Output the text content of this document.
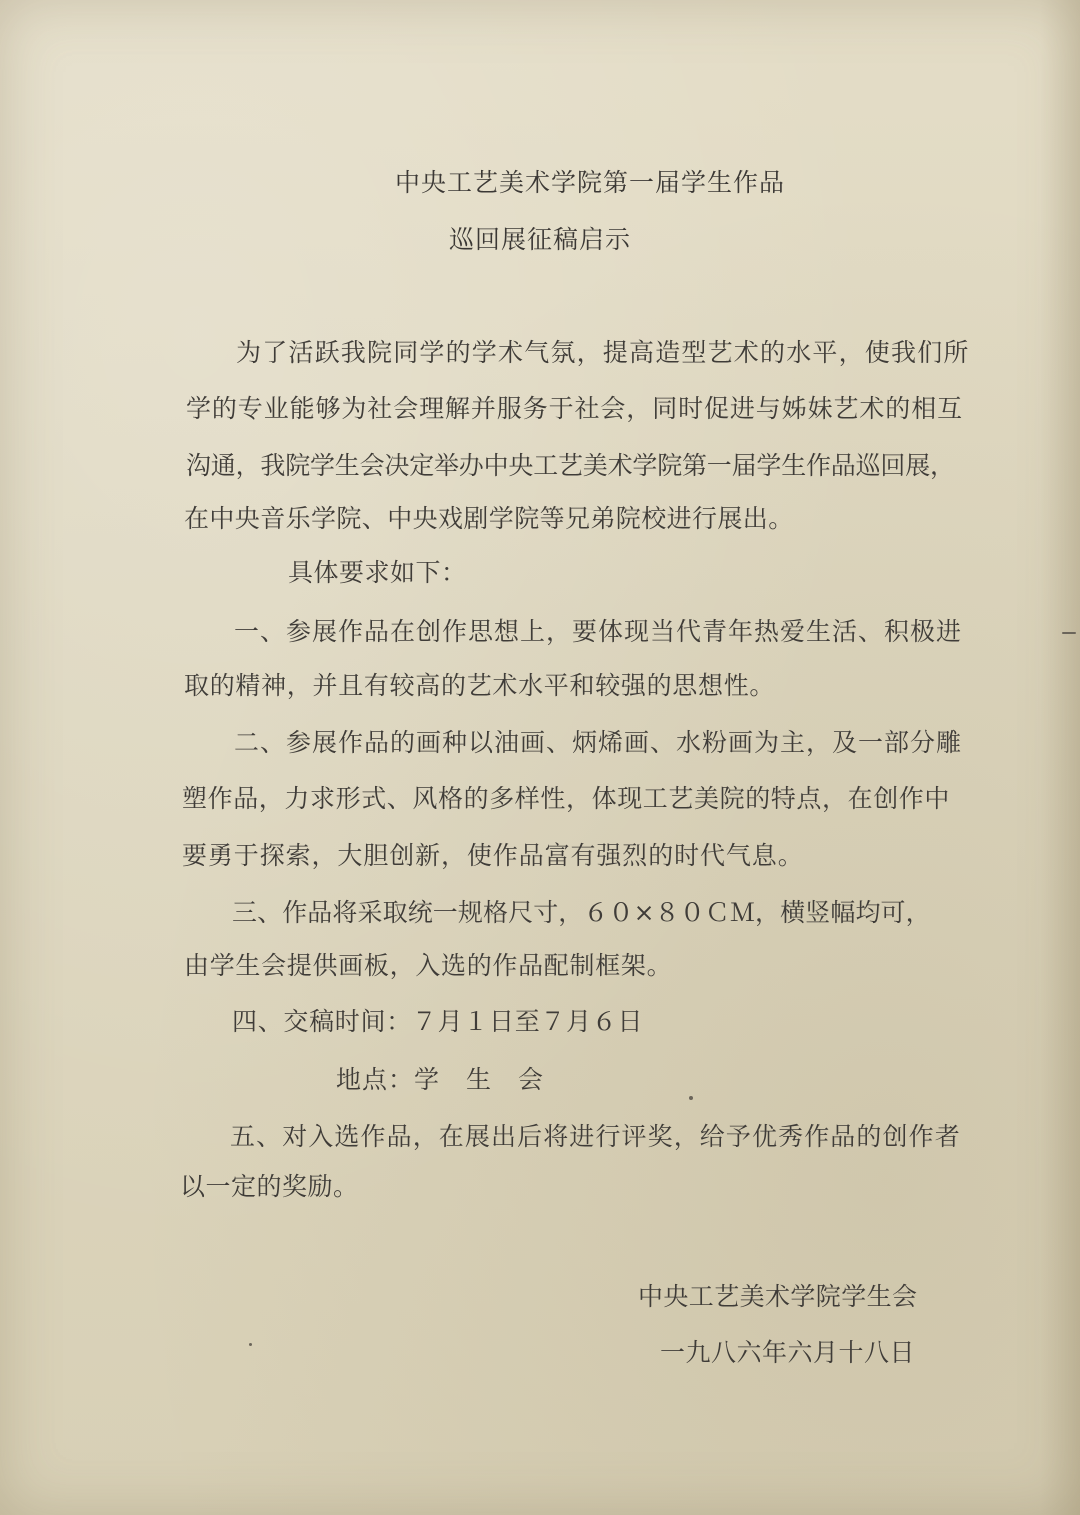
中央工艺美术学院第一届学生作品
巡回展征稿启示
为了活跃我院同学的学术气氛，提高造型艺术的水平，使我们所
学的专业能够为社会理解并服务于社会，同时促进与姊妹艺术的相互
沟通，我院学生会决定举办中央工艺美术学院第一届学生作品巡回展，
在中央音乐学院、中央戏剧学院等兄弟院校进行展出。
具体要求如下：
一、参展作品在创作思想上，要体现当代青年热爱生活、积极进
取的精神，并且有较高的艺术水平和较强的思想性。
二、参展作品的画种以油画、炳烯画、水粉画为主，及一部分雕
塑作品，力求形式、风格的多样性，体现工艺美院的特点，在创作中
要勇于探索，大胆创新，使作品富有强烈的时代气息。
三、作品将采取统一规格尺寸，６０×８０ＣＭ，横竖幅均可，
由学生会提供画板，入选的作品配制框架。
四、交稿时间：７月１日至７月６日
地点：学　生　会
五、对入选作品，在展出后将进行评奖，给予优秀作品的创作者
以一定的奖励。
中央工艺美术学院学生会
一九八六年六月十八日
